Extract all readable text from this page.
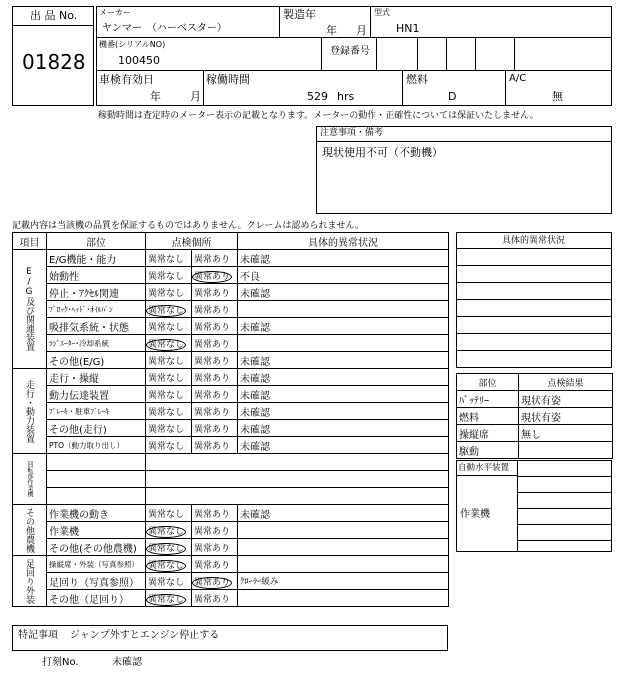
出 品 No.
01828
メーカー
ヤンマー　（ハーベスター）
製造年
年 月
型式
HN1
機番(シリアルNO)
100450
登録番号
車検有効日
年	月
稼働時間
529 hrs
燃料
D
A/C
無
稼動時間は査定時のメーター表示の記載となります。メーターの動作・正確性については保証いたしません。
注意事項・備考
現状使用不可（不動機）
記載内容は当該機の品質を保証するものではありません。クレームは認められません。
項目	部位	点検個所		具体的異常状況

E/G及び関連装置	E/G機能・能力	異常なし	異常あり	未確認
	始動性	異常なし	異常あり	不良
	停止・ｱｸｾﾙ関連	異常なし	異常あり	未確認
	ﾌﾞﾛｯｸ･ﾍｯﾄﾞ･ｵｲﾙﾊﾟﾝ	異常なし	異常あり	
	吸排気系統・状態	異常なし	異常あり	未確認
	ﾗｼﾞｴｰﾀｰ･冷却系統	異常なし	異常あり	
	その他(E/G)	異常なし	異常あり	未確認

走行・動力装置	走行・操縦	異常なし	異常あり	未確認
	動力伝達装置	異常なし	異常あり	未確認
	ﾌﾞﾚｰｷ・駐車ﾌﾞﾚｰｷ	異常なし	異常あり	未確認
	その他(走行)	異常なし	異常あり	未確認
	PTO（動力取り出し）	異常なし	異常あり	未確認

回転部作業機				

その他農機	作業機の動き	異常なし	異常あり	未確認
	作業機	異常なし	異常あり	
	その他(その他農機)	異常なし	異常あり	

足回り外装	操縦席・外装（写真参照）	異常なし	異常あり	
	足回り（写真参照）	異常なし	異常あり	ｸﾛｰﾗｰ緩み
	その他（足回り）	異常なし	異常あり	
具体的異常状況
部位	点検結果
ﾊﾞｯﾃﾘｰ	現状有姿
燃料	現状有姿
操縦席	無し
駆動	
自動水平装置
作業機
特記事項 ジャンプ外すとエンジン停止する
打刻No.	未確認
